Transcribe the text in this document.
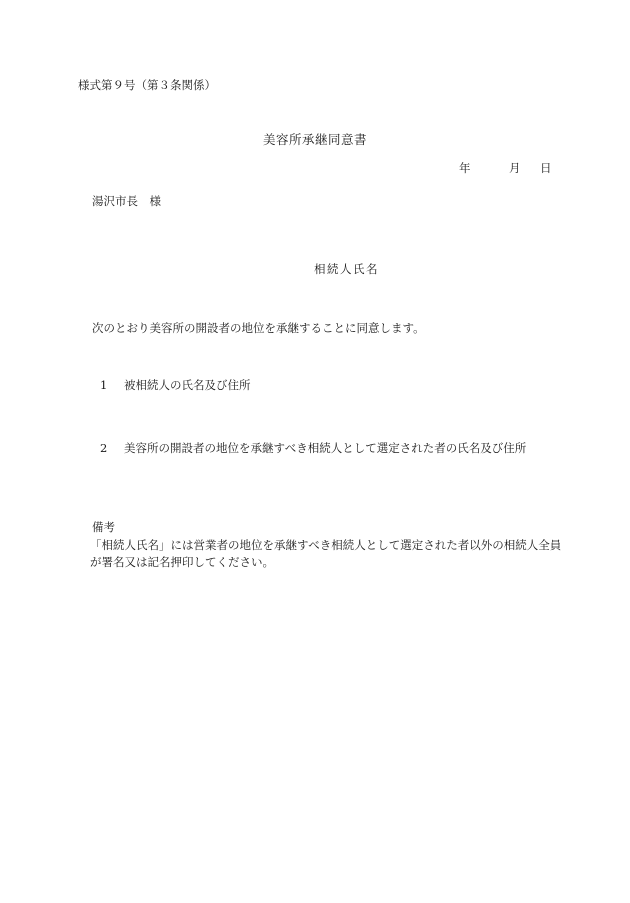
様式第９号（第３条関係）
美容所承継同意書
年	月 日
湯沢市長　様
相続人氏名
次のとおり美容所の開設者の地位を承継することに同意します。
1 被相続人の氏名及び住所
2 美容所の開設者の地位を承継すべき相続人として選定された者の氏名及び住所
備考
「相続人氏名」には営業者の地位を承継すべき相続人として選定された者以外の相続人全員が署名又は記名押印してください。
